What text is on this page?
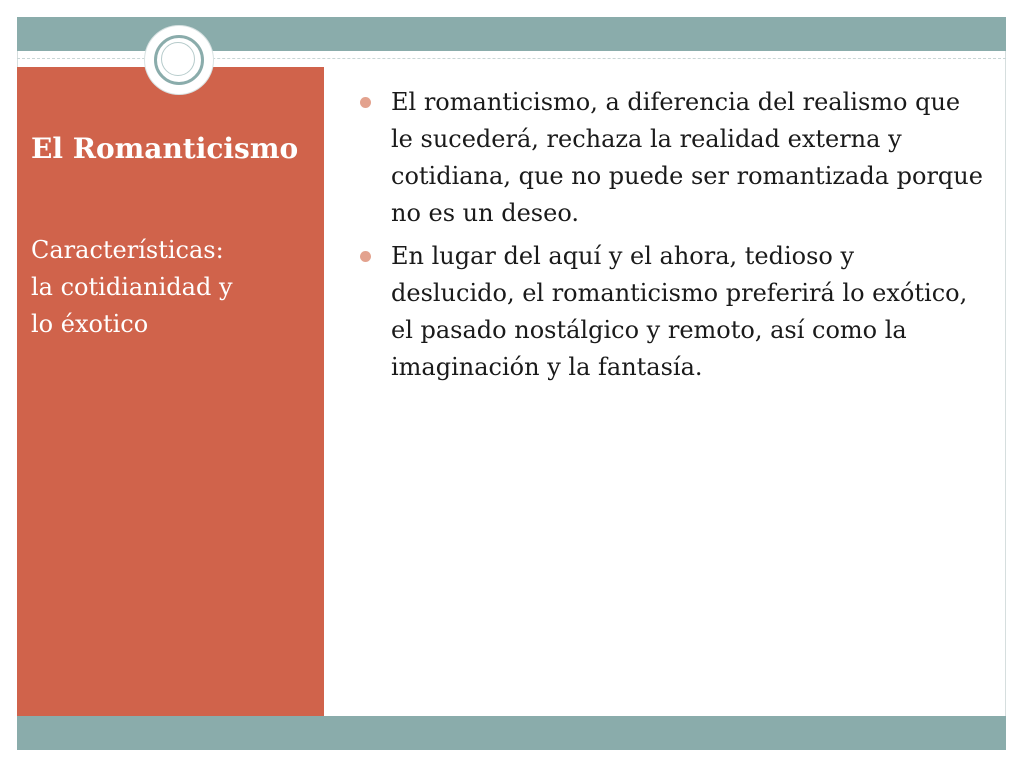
El Romanticismo

Características:
la cotidianidad y
lo éxotico

El romanticismo, a diferencia del realismo que le sucederá, rechaza la realidad externa y cotidiana, que no puede ser romantizada porque no es un deseo.
En lugar del aquí y el ahora, tedioso y deslucido, el romanticismo preferirá lo exótico, el pasado nostálgico y remoto, así como la imaginación y la fantasía.
